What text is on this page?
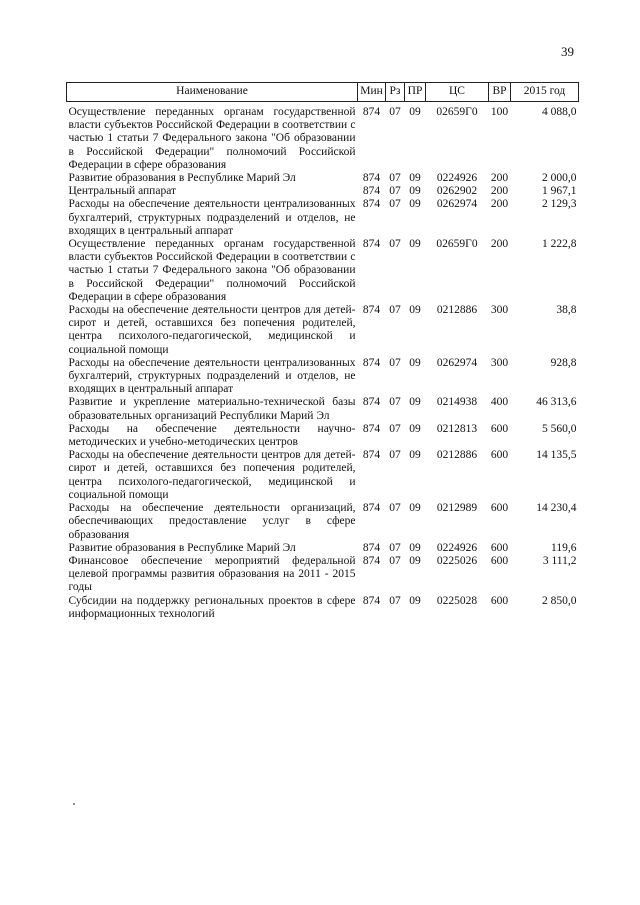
39
Наименование	Мин	Рз	ПР	ЦС	ВР	2015 год

Осуществление переданных органам государственной власти субъектов Российской Федерации в соответствии с частью 1 статьи 7 Федерального закона "Об образовании в Российской Федерации" полномочий Российской Федерации в сфере образования	874	07	09	02659Г0	100	4 088,0
Развитие образования в Республике Марий Эл	874	07	09	0224926	200	2 000,0
Центральный аппарат	874	07	09	0262902	200	1 967,1
Расходы на обеспечение деятельности централизованных бухгалтерий, структурных подразделений и отделов, не входящих в центральный аппарат	874	07	09	0262974	200	2 129,3
Осуществление переданных органам государственной власти субъектов Российской Федерации в соответствии с частью 1 статьи 7 Федерального закона "Об образовании в Российской Федерации" полномочий Российской Федерации в сфере образования	874	07	09	02659Г0	200	1 222,8
Расходы на обеспечение деятельности центров для детей-сирот и детей, оставшихся без попечения родителей, центра психолого-педагогической, медицинской и социальной помощи	874	07	09	0212886	300	38,8
Расходы на обеспечение деятельности централизованных бухгалтерий, структурных подразделений и отделов, не входящих в центральный аппарат	874	07	09	0262974	300	928,8
Развитие и укрепление материально-технической базы образовательных организаций Республики Марий Эл	874	07	09	0214938	400	46 313,6
Расходы на обеспечение деятельности научно-методических и учебно-методических центров	874	07	09	0212813	600	5 560,0
Расходы на обеспечение деятельности центров для детей-сирот и детей, оставшихся без попечения родителей, центра психолого-педагогической, медицинской и социальной помощи	874	07	09	0212886	600	14 135,5
Расходы на обеспечение деятельности организаций, обеспечивающих предоставление услуг в сфере образования	874	07	09	0212989	600	14 230,4
Развитие образования в Республике Марий Эл	874	07	09	0224926	600	119,6
Финансовое обеспечение мероприятий федеральной целевой программы развития образования на 2011 - 2015 годы	874	07	09	0225026	600	3 111,2
Субсидии на поддержку региональных проектов в сфере информационных технологий	874	07	09	0225028	600	2 850,0
